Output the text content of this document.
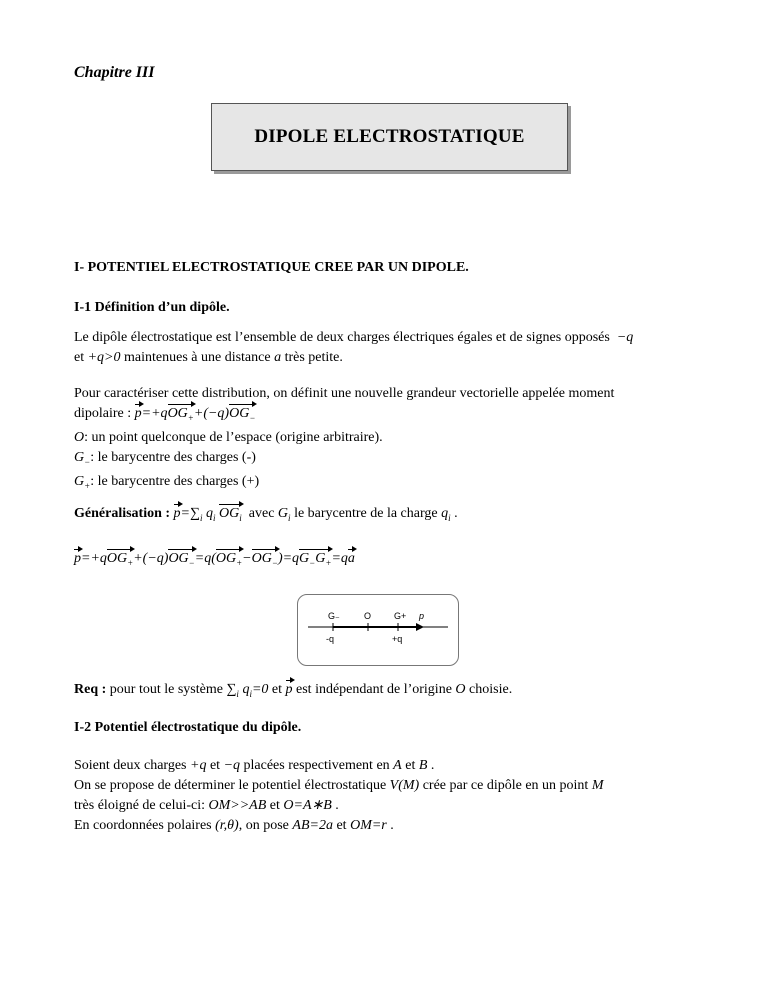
Chapitre III
DIPOLE ELECTROSTATIQUE
I- POTENTIEL ELECTROSTATIQUE CREE PAR UN DIPOLE.
I-1 Définition d’un dipôle.
Le dipôle électrostatique est l’ensemble de deux charges électriques égales et de signes opposés −q
et +q>0 maintenues à une distance a très petite.
Pour caractériser cette distribution, on définit une nouvelle grandeur vectorielle appelée moment
dipolaire : $p=+qOG_++(-q)OG_-$
O: un point quelconque de l’espace (origine arbitraire).
$G_-$: le barycentre des charges (-)
$G_+$: le barycentre des charges (+)
Généralisation : $p=\sum_i$ $q_i$ $OG_i$ avec $G_i$ le barycentre de la charge $q_i$ .
$p=+qOG_++(-q)OG_-=q(OG_+-OG_-)=qG_-G_+=qa$
G₋	O	G+ p
-q	+q
Req : pour tout le système $\sum_i$ $q_i=0$ et p est indépendant de l’origine O choisie.
I-2 Potentiel électrostatique du dipôle.
Soient deux charges +q et −q placées respectivement en A et B .
On se propose de déterminer le potentiel électrostatique V(M) crée par ce dipôle en un point M
très éloigné de celui-ci: OM>>AB et O=A∗B .
En coordonnées polaires (r,θ), on pose AB=2a et OM=r .
